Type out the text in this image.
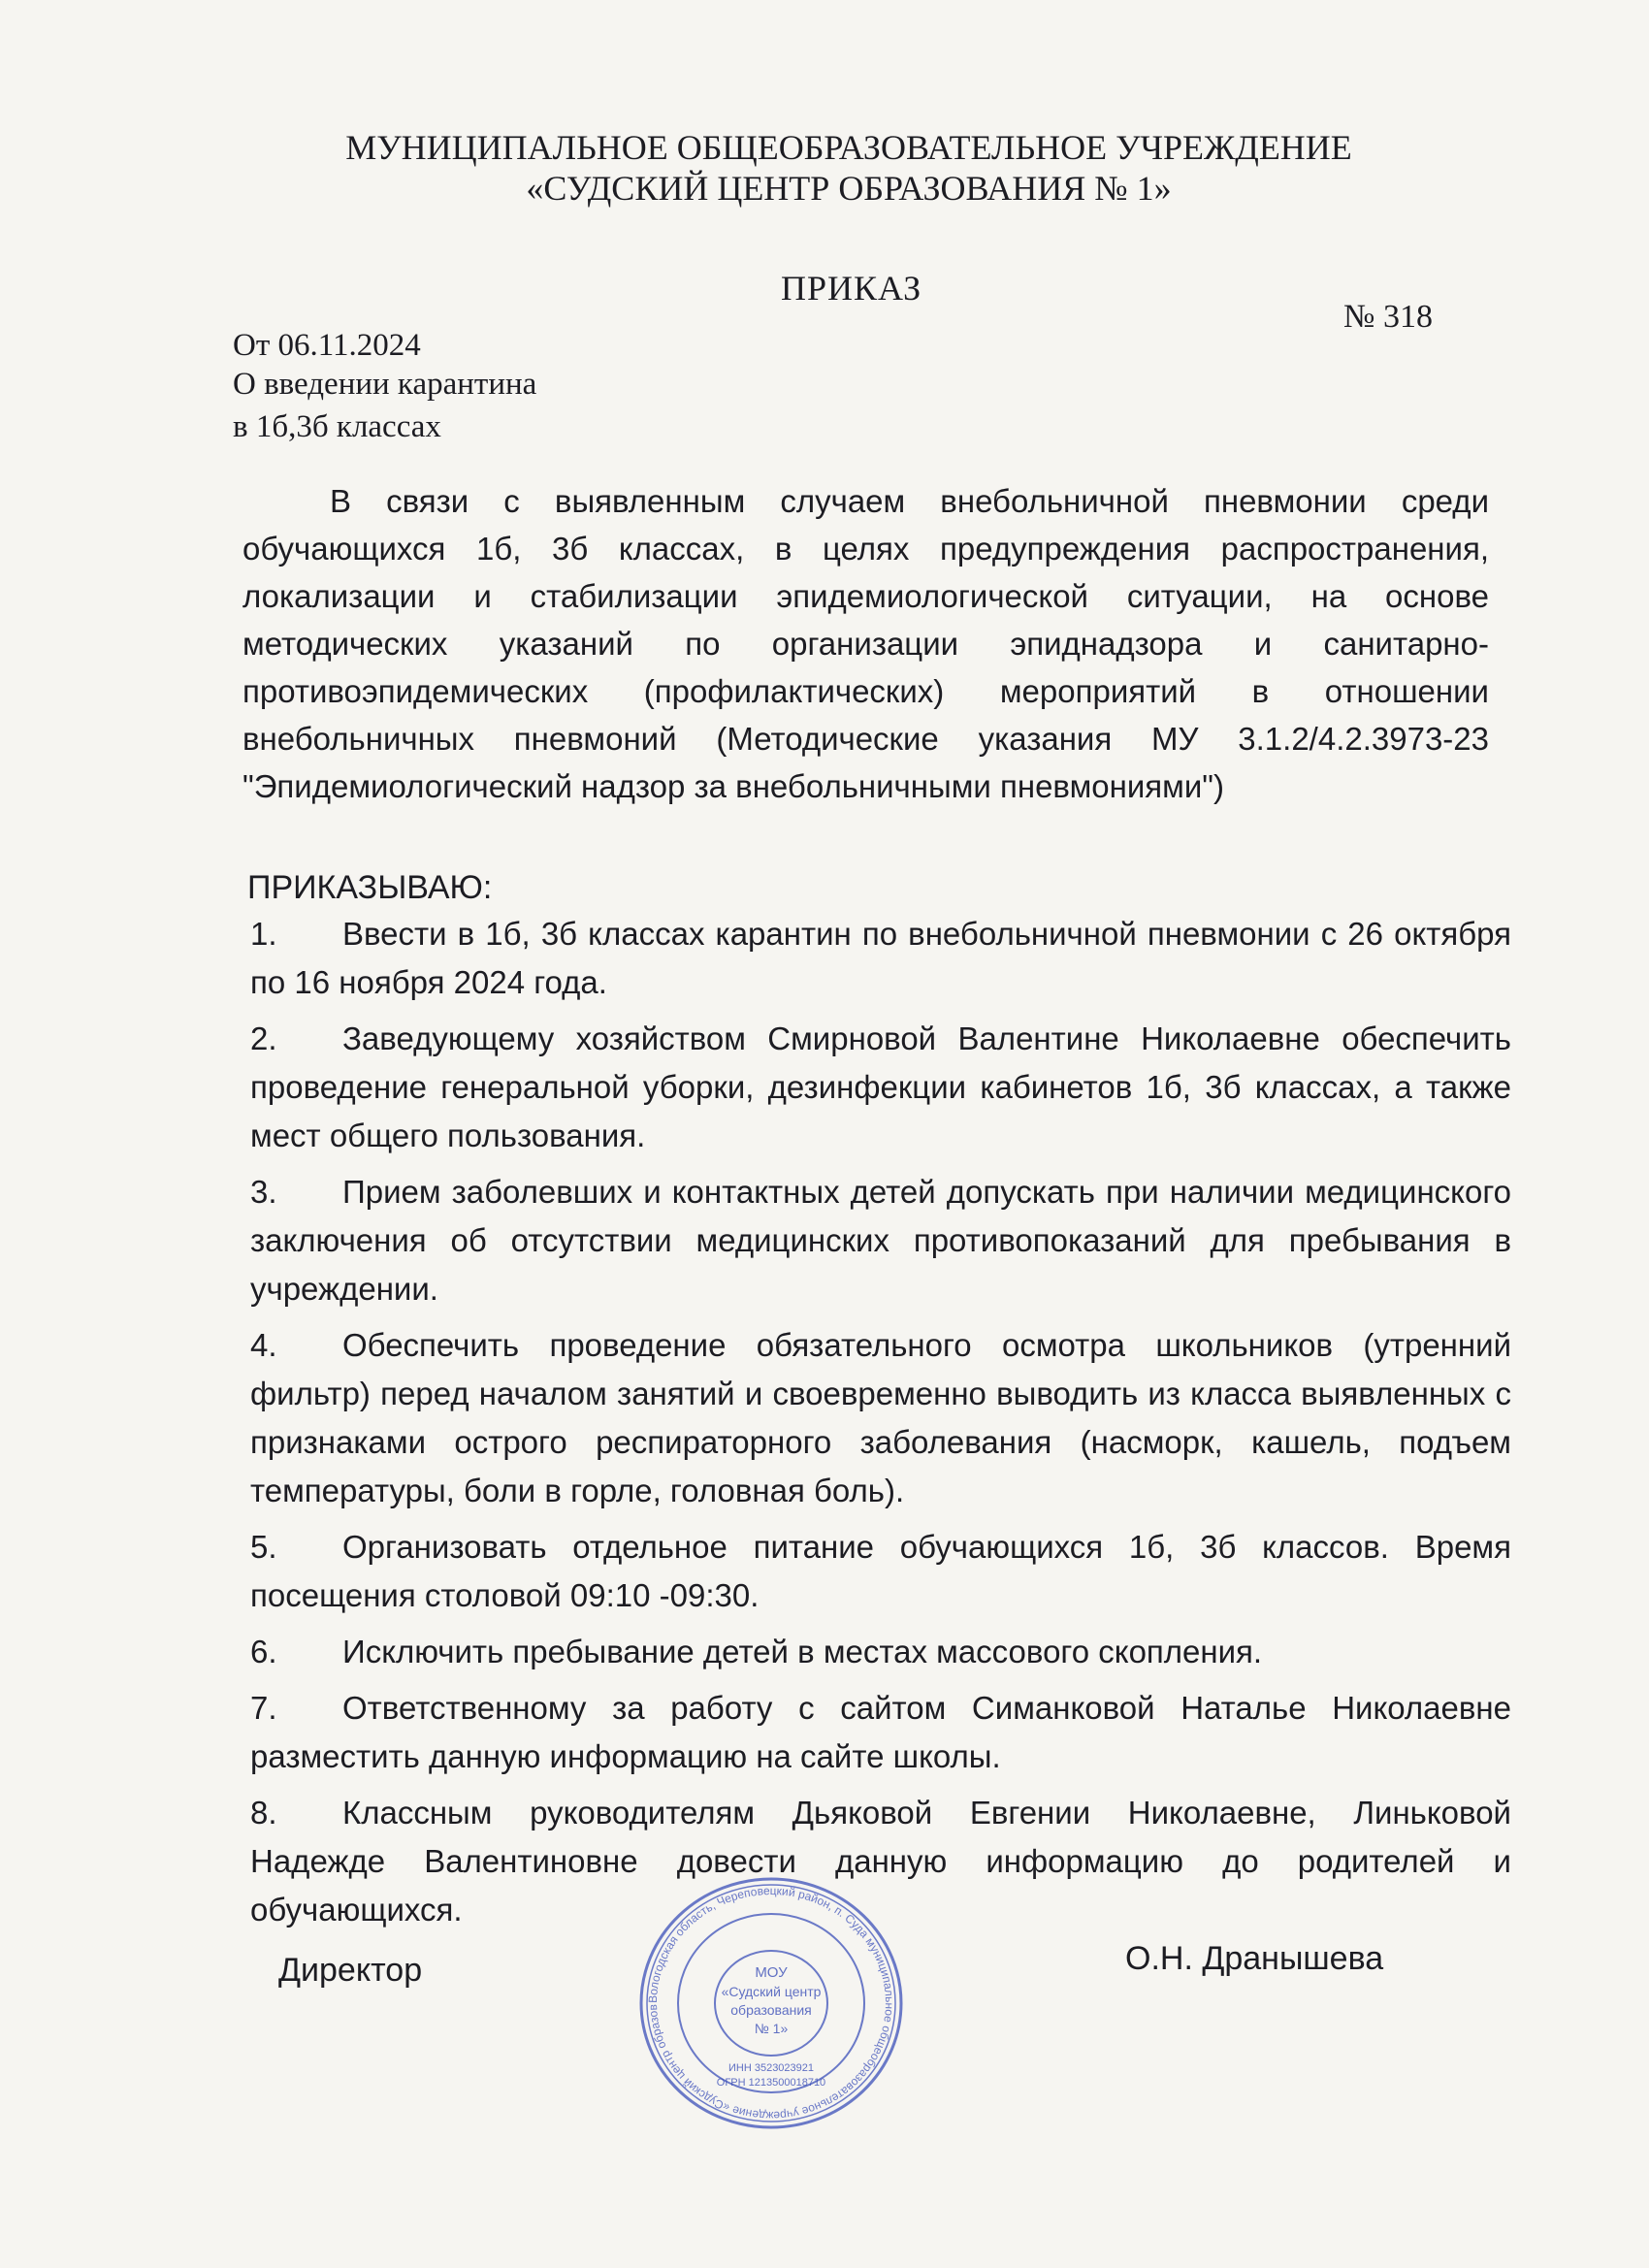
МУНИЦИПАЛЬНОЕ ОБЩЕОБРАЗОВАТЕЛЬНОЕ УЧРЕЖДЕНИЕ
«СУДСКИЙ ЦЕНТР ОБРАЗОВАНИЯ № 1»
ПРИКАЗ
№ 318
От 06.11.2024
О введении карантина
в 1б,3б классах
В связи с выявленным случаем внебольничной пневмонии среди обучающихся 1б, 3б классах, в целях предупреждения распространения, локализации и стабилизации эпидемиологической ситуации, на основе методических указаний по организации эпиднадзора и санитарно-противоэпидемических (профилактических) мероприятий в отношении внебольничных пневмоний (Методические указания МУ 3.1.2/4.2.3973-23 "Эпидемиологический надзор за внебольничными пневмониями")
ПРИКАЗЫВАЮ:
1. Ввести в 1б, 3б классах карантин по внебольничной пневмонии с 26 октября по 16 ноября 2024 года.
2. Заведующему хозяйством Смирновой Валентине Николаевне обеспечить проведение генеральной уборки, дезинфекции кабинетов 1б, 3б классах, а также мест общего пользования.
3. Прием заболевших и контактных детей допускать при наличии медицинского заключения об отсутствии медицинских противопоказаний для пребывания в учреждении.
4. Обеспечить проведение обязательного осмотра школьников (утренний фильтр) перед началом занятий и своевременно выводить из класса выявленных с признаками острого респираторного заболевания (насморк, кашель, подъем температуры, боли в горле, головная боль).
5. Организовать отдельное питание обучающихся 1б, 3б классов. Время посещения столовой 09:10 -09:30.
6. Исключить пребывание детей в местах массового скопления.
7. Ответственному за работу с сайтом Симанковой Наталье Николаевне разместить данную информацию на сайте школы.
8. Классным руководителям Дьяковой Евгении Николаевне, Линьковой Надежде Валентиновне довести данную информацию до родителей и обучающихся.
Директор	О.Н. Дранышева
Вологодская область, Череповецкий район, п. Суда муниципальное общеобразовательное учреждение «Судский центр образов
МОУ
«Судский центр
образования
№ 1»
ИНН 3523023921
ОГРН 1213500018710
